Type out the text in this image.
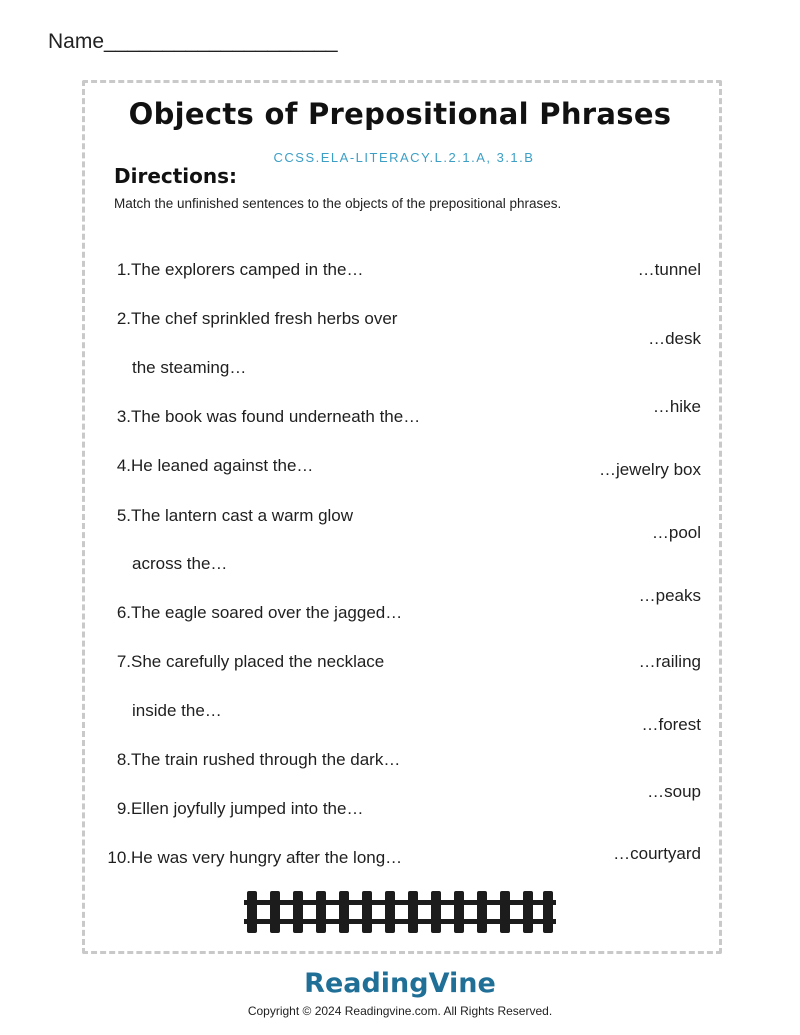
Name____________________
Objects of Prepositional Phrases
CCSS.ELA-LITERACY.L.2.1.A, 3.1.B
Directions:
Match the unfinished sentences to the objects of the prepositional phrases.
1.The explorers camped in the…
2.The chef sprinkled fresh herbs over
the steaming…
3.The book was found underneath the…
4.He leaned against the…
5.The lantern cast a warm glow
across the…
6.The eagle soared over the jagged…
7.She carefully placed the necklace
inside the…
8.The train rushed through the dark…
9.Ellen joyfully jumped into the…
10.He was very hungry after the long…
…tunnel
…desk
…hike
…jewelry box
…pool
…peaks
…railing
…forest
…soup
…courtyard
ReadingVine
Copyright © 2024 Readingvine.com. All Rights Reserved.
